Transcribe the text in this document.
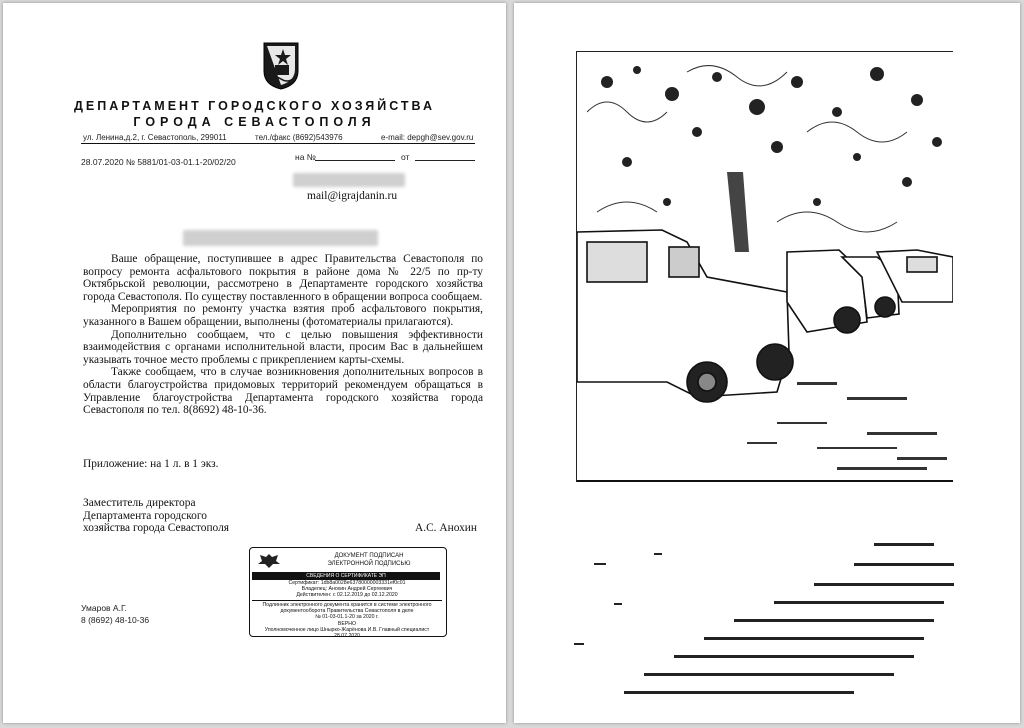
ДЕПАРТАМЕНТ ГОРОДСКОГО ХОЗЯЙСТВА
ГОРОДА СЕВАСТОПОЛЯ
ул. Ленина,д.2, г. Севастополь, 299011	тел./факс (8692)543976	e-mail: depgh@sev.gov.ru
28.07.2020 № 5881/01-03-01.1-20/02/20	на №	от
mail@igrajdanin.ru

Ваше обращение, поступившее в адрес Правительства Севастополя по вопросу ремонта асфальтового покрытия в районе дома № 22/5 по пр-ту Октябрьской революции, рассмотрено в Департаменте городского хозяйства города Севастополя. По существу поставленного в обращении вопроса сообщаем.

Мероприятия по ремонту участка взятия проб асфальтового покрытия, указанного в Вашем обращении, выполнены (фотоматериалы прилагаются).

Дополнительно сообщаем, что с целью повышения эффективности взаимодействия с органами исполнительной власти, просим Вас в дальнейшем указывать точное место проблемы с прикреплением карты-схемы.

Также сообщаем, что в случае возникновения дополнительных вопросов в области благоустройства придомовых территорий рекомендуем обращаться в Управление благоустройства Департамента городского хозяйства города Севастополя по тел. 8(8692) 48-10-36.

Приложение: на 1 л. в 1 экз.
Заместитель директора
Департамента городского
хозяйства города Севастополя	А.С. Анохин
ДОКУМЕНТ ПОДПИСАН
ЭЛЕКТРОННОЙ ПОДПИСЬЮ
СВЕДЕНИЯ О СЕРТИФИКАТЕ ЭП
Сертификат: 1db8a0028e63780000003331ef0c01
Владелец: Анохин Андрей Сергеевич
Действителен: с 02.12.2019 до 02.12.2020
Подлинник электронного документа хранится в системе электронного
документооборота Правительства Севастополя в деле
№ 01-03-01.1-20 за 2020 г.
ВЕРНО
Уполномоченное лицо Шнырко-Жарёнова И.В. Главный специалист
28.07.2020
Умаров А.Г.
8 (8692) 48-10-36
